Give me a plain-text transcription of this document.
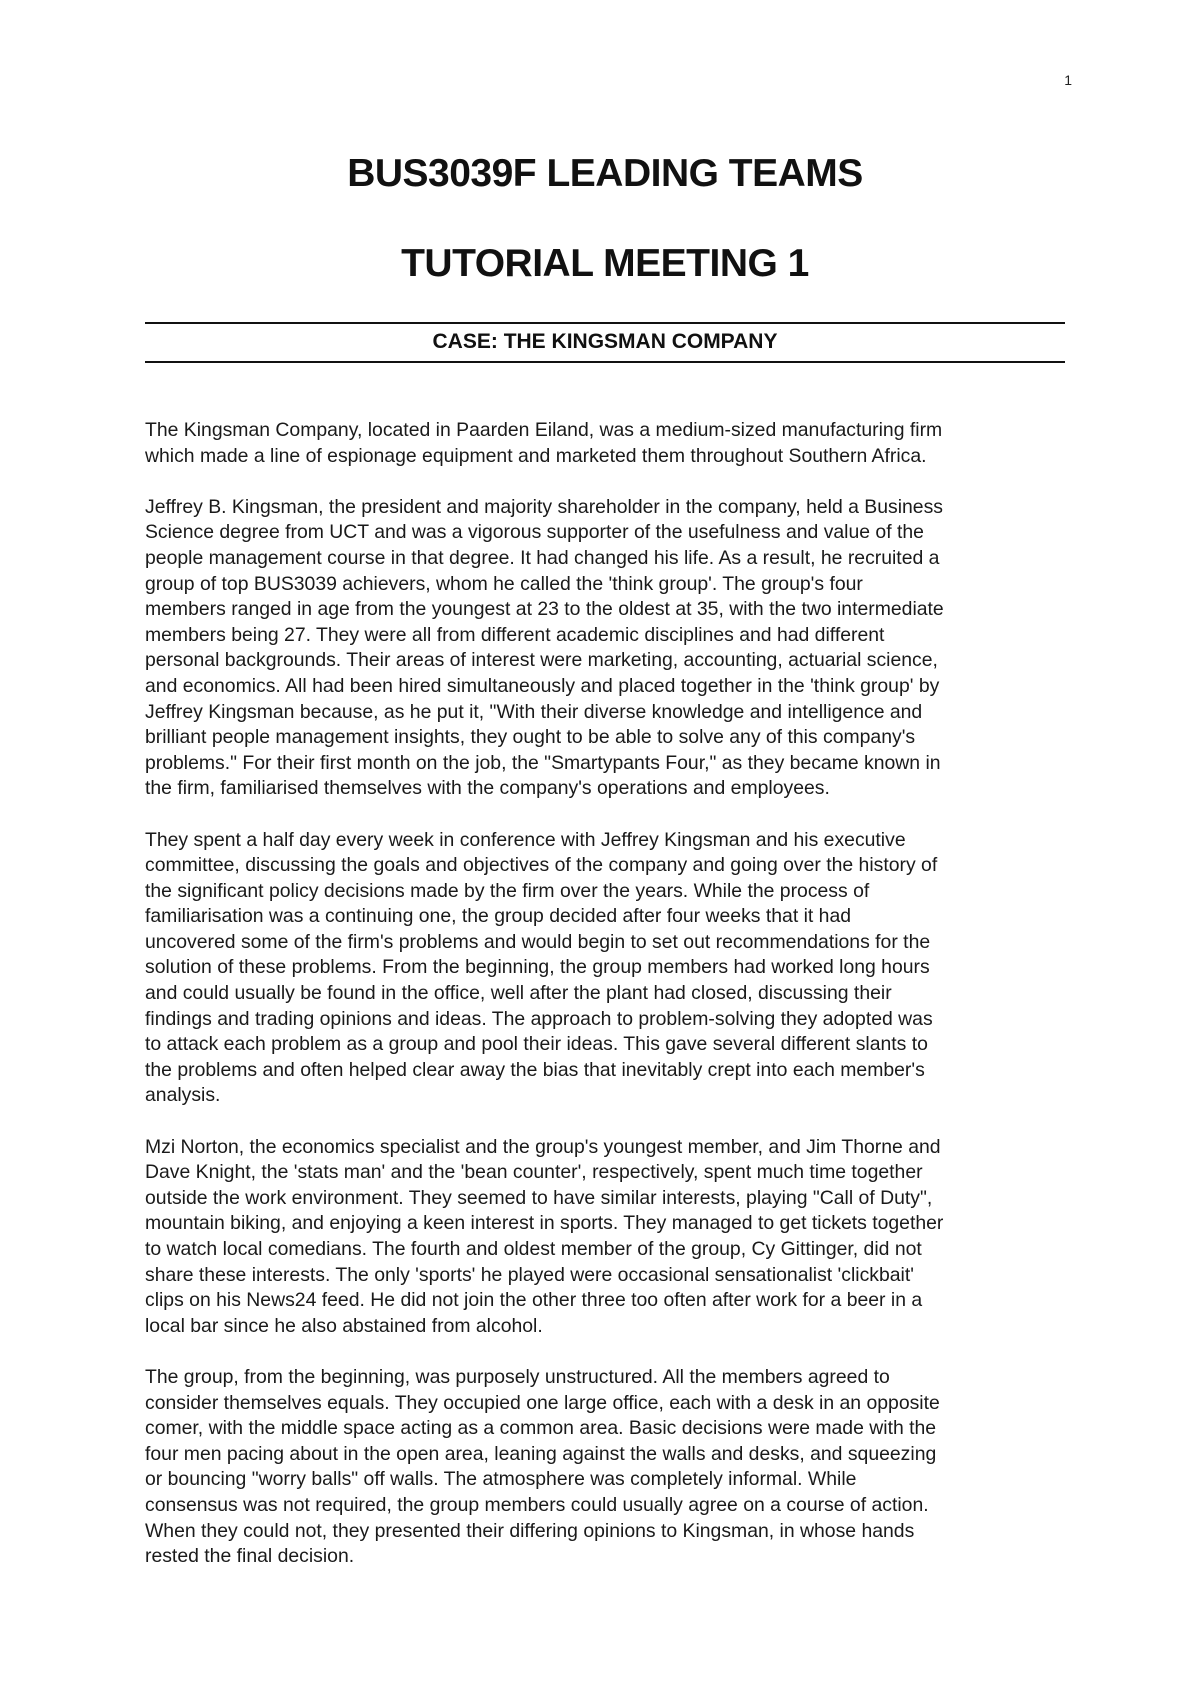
1
BUS3039F LEADING TEAMS
TUTORIAL MEETING 1
CASE: THE KINGSMAN COMPANY
The Kingsman Company, located in Paarden Eiland, was a medium-sized manufacturing firm
which made a line of espionage equipment and marketed them throughout Southern Africa.
Jeffrey B. Kingsman, the president and majority shareholder in the company, held a Business
Science degree from UCT and was a vigorous supporter of the usefulness and value of the
people management course in that degree. It had changed his life. As a result, he recruited a
group of top BUS3039 achievers, whom he called the 'think group'. The group's four
members ranged in age from the youngest at 23 to the oldest at 35, with the two intermediate
members being 27. They were all from different academic disciplines and had different
personal backgrounds. Their areas of interest were marketing, accounting, actuarial science,
and economics. All had been hired simultaneously and placed together in the 'think group' by
Jeffrey Kingsman because, as he put it, "With their diverse knowledge and intelligence and
brilliant people management insights, they ought to be able to solve any of this company's
problems." For their first month on the job, the "Smartypants Four," as they became known in
the firm, familiarised themselves with the company's operations and employees.
They spent a half day every week in conference with Jeffrey Kingsman and his executive
committee, discussing the goals and objectives of the company and going over the history of
the significant policy decisions made by the firm over the years. While the process of
familiarisation was a continuing one, the group decided after four weeks that it had
uncovered some of the firm's problems and would begin to set out recommendations for the
solution of these problems. From the beginning, the group members had worked long hours
and could usually be found in the office, well after the plant had closed, discussing their
findings and trading opinions and ideas. The approach to problem-solving they adopted was
to attack each problem as a group and pool their ideas. This gave several different slants to
the problems and often helped clear away the bias that inevitably crept into each member's
analysis.
Mzi Norton, the economics specialist and the group's youngest member, and Jim Thorne and
Dave Knight, the 'stats man' and the 'bean counter', respectively, spent much time together
outside the work environment. They seemed to have similar interests, playing "Call of Duty",
mountain biking, and enjoying a keen interest in sports. They managed to get tickets together
to watch local comedians. The fourth and oldest member of the group, Cy Gittinger, did not
share these interests. The only 'sports' he played were occasional sensationalist 'clickbait'
clips on his News24 feed. He did not join the other three too often after work for a beer in a
local bar since he also abstained from alcohol.
The group, from the beginning, was purposely unstructured. All the members agreed to
consider themselves equals. They occupied one large office, each with a desk in an opposite
comer, with the middle space acting as a common area. Basic decisions were made with the
four men pacing about in the open area, leaning against the walls and desks, and squeezing
or bouncing "worry balls" off walls. The atmosphere was completely informal. While
consensus was not required, the group members could usually agree on a course of action.
When they could not, they presented their differing opinions to Kingsman, in whose hands
rested the final decision.
